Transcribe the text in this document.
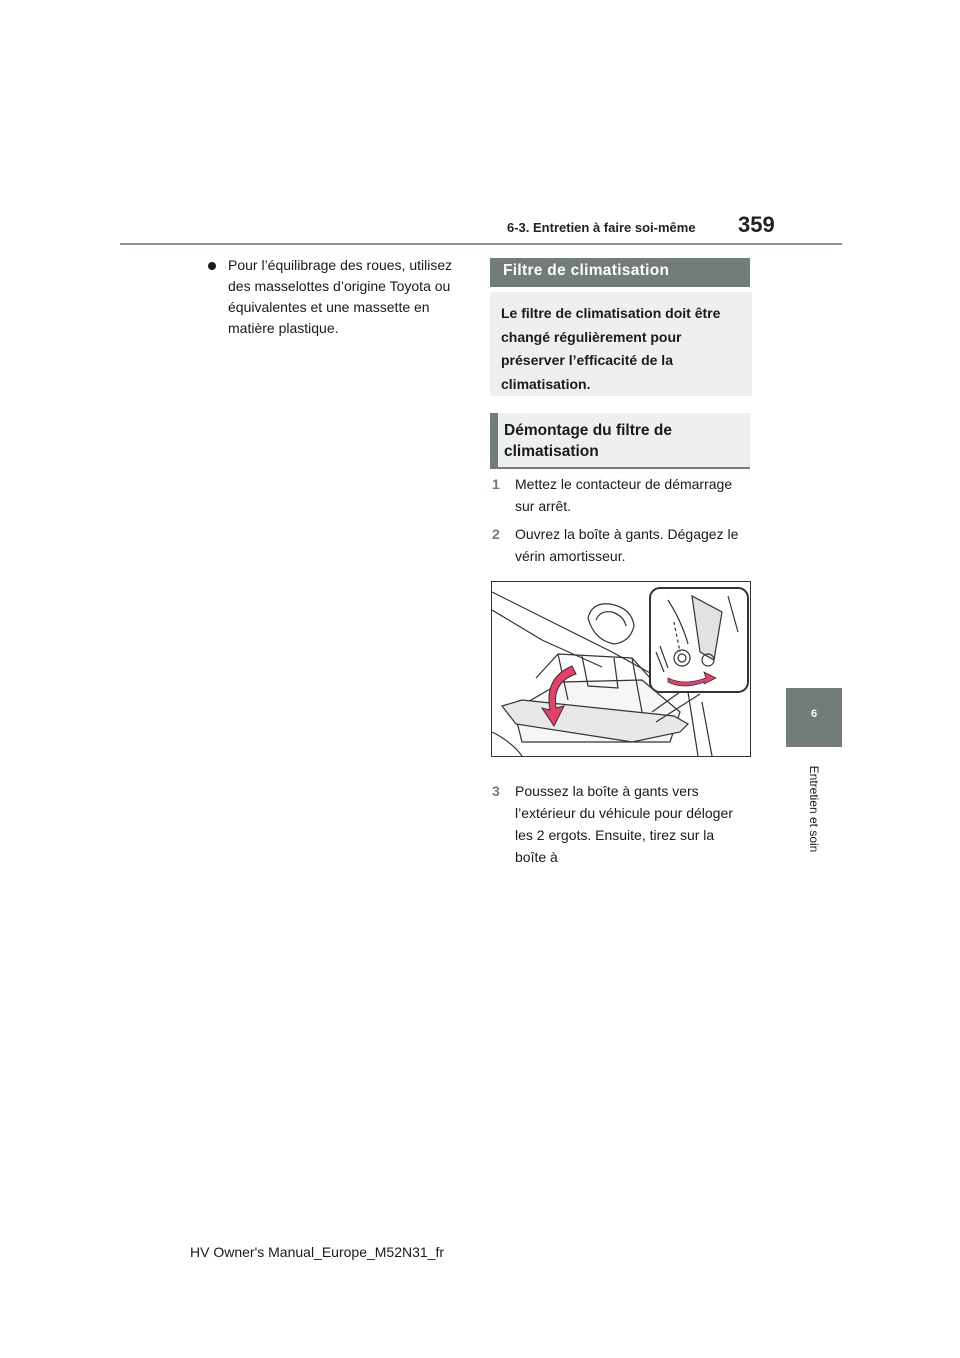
6-3. Entretien à faire soi-même 359
Pour l’équilibrage des roues, utilisez des masselottes d’origine Toyota ou équivalentes et une massette en matière plastique.
Filtre de climatisation

Le filtre de climatisation doit être changé régulièrement pour préserver l’efficacité de la climatisation.

Démontage du filtre de climatisation
1 Mettez le contacteur de démarrage sur arrêt.
2 Ouvrez la boîte à gants. Dégagez le vérin amortisseur.
3 Poussez la boîte à gants vers l’extérieur du véhicule pour déloger les 2 ergots. Ensuite, tirez sur la boîte à
6
Entretien et soin
HV Owner's Manual_Europe_M52N31_fr
